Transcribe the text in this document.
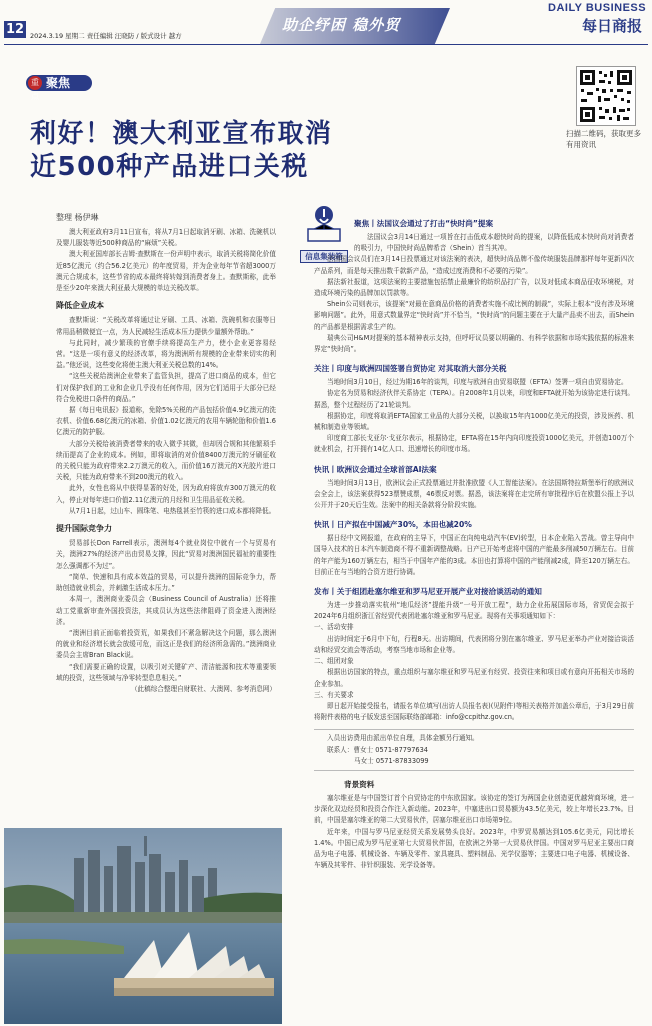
12 2024.3.19 星期二 责任编辑 汪晓防 / 版式设计 越方
助企纾困 稳外贸
DAILY BUSINESS
每日商报
重点
聚焦
利好！澳大利亚宣布取消
近500种产品进口关税
扫描二维码，获取更多有用资讯
整理 杨伊琳

澳大利亚政府3月11日宣布，将从7月1日起取消牙刷、冰箱、洗碗机以及婴儿服装等近500种商品的“麻烦”关税。

澳大利亚国库部长吉姆·查默斯在一份声明中表示，取消关税将简化价值近85亿澳元（约合56.2亿美元）的年度贸易，并为企业每年节省超3000万澳元合规成本，这些节省的成本最终将转嫁到消费者身上。查默斯称，此举是至少20年来澳大利亚最大规模的单边关税改革。

降低企业成本

查默斯说：“关税改革将通过让牙刷、工具、冰箱、洗碗机和衣服等日常用品稍微便宜一点，为人民减轻生活成本压力提供少量额外帮助。”

与此同时，减少繁琐的官僚手续将提高生产力，使小企业更容易经营。“这是一项有意义的经济改革，将为澳洲所有规模的企业带来切实的利益。”他还说，这些变化将使主澳大利亚关税总数的14%。

“这些关税给澳洲企业带来了监管负担，提高了进口商品的成本，但它们对保护我们的工业和企业几乎没有任何作用，因为它们适用于大部分已经符合免税进口条件的商品。”

据《每日电讯报》报道称，免除5%关税的产品包括价值4.9亿澳元的洗衣机、价值6.68亿澳元的冰箱、价值1.02亿澳元的农用车辆轮胎和价值1.6亿澳元的防护服。

大部分关税给被消费者带来的收入微乎其微，但却因合规和其他繁琐手续而提高了企业的成本。例如，即将取消的对价值8400万澳元的牙刷征收的关税只能为政府带来2.2万澳元的收入，而价值16万澳元的X光胶片进口关税，只能为政府带来不到200澳元的收入。

此外，女性也将从中获得显著的好处，因为政府将放弃300万澳元的收入，停止对每年进口价值2.11亿澳元的月经和卫生用品征收关税。

从7月1日起，过山车、圆珠笔、电热毯甚至竹筷的进口成本都将降低。

提升国际竞争力

贸易部长Don Farrell表示，澳洲每4个就业岗位中就有一个与贸易有关，澳洲27%的经济产出由贸易支撑，因此“贸易对澳洲国民福祉的重要性怎么强调都不为过”。

“简单、快速和具有成本效益的贸易，可以提升澳洲的国际竞争力，帮助创造就业机会，并刺激生活成本压力。”

本周一，澳洲商业委员会（Business Council of Australia）还将推动工党重新审查外国投资法，其成员认为这些法律阻碍了资金进入澳洲经济。

“澳洲目前正面临着投资荒，如果我们不紧急解决这个问题，那么澳洲的就业和经济增长就会放缓可危，而这正是我们的经济所急需的。”澳洲商业委员会主席Bran Black说。

“我们需要正确的设置，以吸引对关键矿产、清洁能源和技术等重要领域的投资，这些领域与净零转型息息相关。”

（此稿综合整理自财联社、大澳网、参考消息网）

信息集装箱
聚焦丨法国议会通过了打击“快时尚”提案

法国议会3月14日通过一项旨在打击低成本超快时尚的提案，以降低低成本快时尚对消费者的吸引力，中国快时尚品牌希音（Shein）首当其冲。

法国国会议员们在3月14日投票通过对该法案的表决，超快时尚品牌不像传统服装品牌那样每年更新四次产品系列，而是每天推出数千款新产品，“造成过度消费和不必要的污染”。

据法新社报道，这项法案的主要措施包括禁止最廉价的纺织品打广告，以及对低成本商品征收环境税，对造成环境污染的品牌加以罚款等。

Shein公司则表示，该提案“对最在意商品价格的消费者实施不成比例的制裁”，实际上根本“没有涉及环境影响问题”。此外，用意式数量界定“快时尚”并不恰当，“快时尚”的问题主要在于大量产品卖不出去，而Shein的产品都是根据需求生产的。

瑞典公司H&M对提案的基本精神表示支持，但呼吁议员要以明确的、有科学依据和市场实践依据的标准来界定“快时尚”。

关注丨印度与欧洲四国签署自贸协定 对其取消大部分关税

当地时间3月10日，经过为期16年的谈判，印度与欧洲自由贸易联盟（EFTA）签署一项自由贸易协定。

协定名为贸易和经济伙伴关系协定（TEPA）。自2008年1月以来，印度和EFTA就开始为该协定进行谈判。据悉，整个过程经历了21轮谈判。

根据协定，印度将取消EFTA国家工业品的大部分关税，以换取15年内1000亿美元的投资，涉及医药、机械和制造业等领域。

印度商工部长戈亚尔·戈亚尔表示，根据协定，EFTA将在15年内向印度投资1000亿美元，并创造100万个就业机会，打开拥有14亿人口、迅速增长的印度市场。

快讯丨欧洲议会通过全球首部AI法案

当地时间3月13日，欧洲议会正式投票通过并批准欧盟《人工智能法案》。在法国斯特拉斯堡举行的欧洲议会全会上，该法案获得523票赞成票，46票反对票。据悉，该法案将在走完所有审批程序后在欧盟公报上予以公开并于20天后生效。法案中的相关条款将分阶段实施。

快讯丨日产拟在中国减产30%，本田也减20%

据日经中文网报道，在政府的主导下，中国正在向纯电动汽车(EV)转型，日本企业陷入苦战。曾主导向中国导入技术的日本汽车制造商不得不重新调整战略。日产已开始考虑将中国的产能最多削减50万辆左右。目前的年产能为160万辆左右，相当于中国年产能的3成。本田也打算将中国的产能削减2成，降至120万辆左右。目前正在与当地的合资方进行协调。

发布丨关于组团赴塞尔维亚和罗马尼亚开展产业对接洽谈活动的通知

为进一步推动落实杭州“地瓜经济”提能升级“一号开放工程”，助力企业拓展国际市场，省贸促会拟于2024年6月组织浙江省经贸代表团赴塞尔维亚和罗马尼亚。现将有关事项通知如下：

一、活动安排

出访时间定于6月中下旬，行程8天。出访期间，代表团将分别在塞尔维亚、罗马尼亚举办产业对接洽谈活动和经贸交流会等活动，考察当地市场和企业等。

二、组团对象

根据出访国家的特点，重点组织与塞尔维亚和罗马尼亚有经贸、投资往来和项目或有意向开拓相关市场的企业参加。

三、有关要求

即日起开始接受报名，请报名单位填写(出访人员报名表)(见附件)等相关表格并加盖公章后，于3月29日前将附件表格的电子版发送至国际联络部邮箱：info@ccpithz.gov.cn。

入员出访费用由派出单位自理，具体金额另行通知。

联系人：曹女士 0571-87797634

马女士 0571-87833099

背景资料

塞尔维亚是与中国签订首个自贸协定的中东欧国家。该协定的签订为两国企业创造更优越营商环境，进一步深化双边经贸和投资合作注入新动能。2023年，中塞进出口贸易额为43.5亿美元，较上年增长23.7%。目前，中国是塞尔维亚的第二大贸易伙伴，居塞尔维亚出口市场第9位。

近年来，中国与罗马尼亚经贸关系发展势头良好。2023年，中罗贸易额达到105.6亿美元，同比增长1.4%。中国已成为罗马尼亚第七大贸易伙伴国，在欧洲之外第一大贸易伙伴国。中国对罗马尼亚主要出口商品为电子电器、机械设备、车辆及零件、家具寝具、塑料制品、光学仪器等；主要进口电子电器、机械设备、车辆及其零件、非针织服装、光学设备等。
